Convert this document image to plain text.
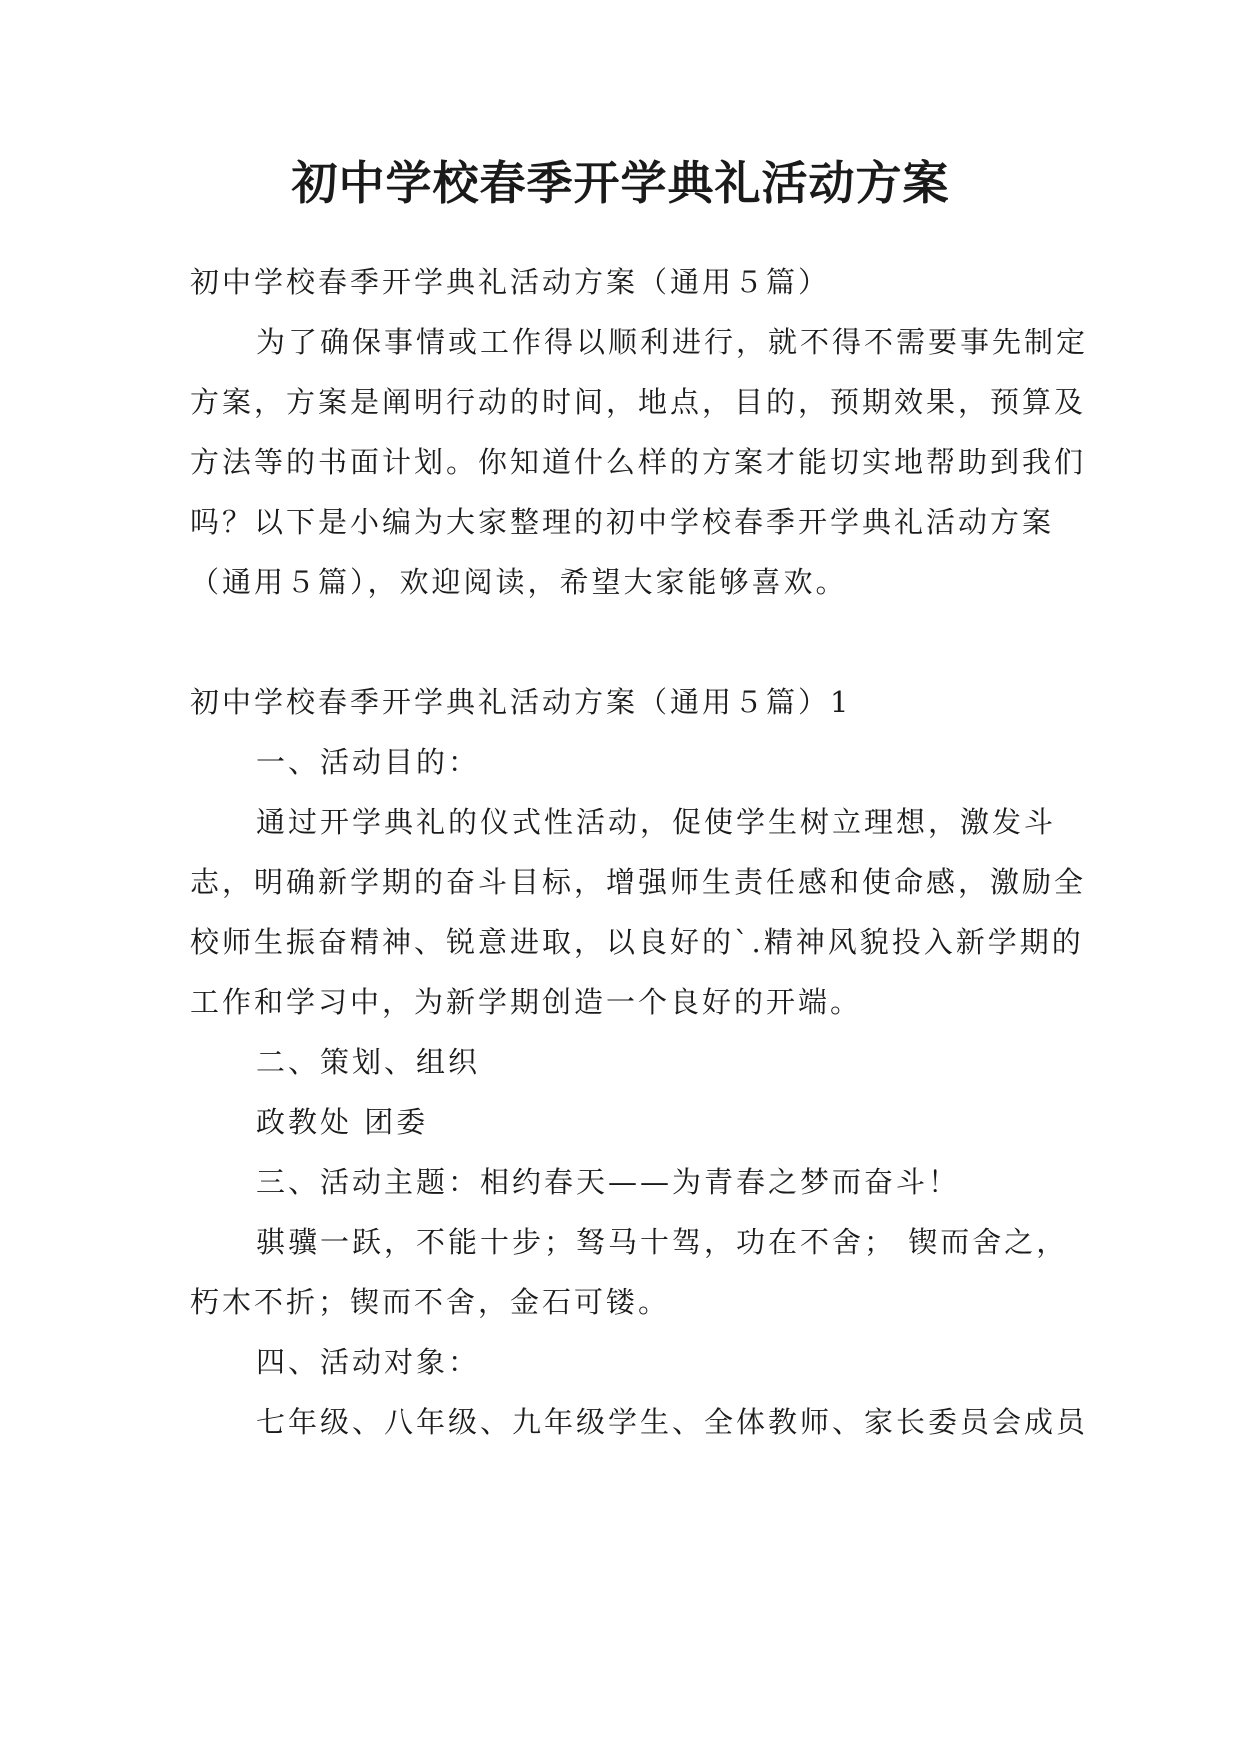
初中学校春季开学典礼活动方案

初中学校春季开学典礼活动方案（通用５篇）

为了确保事情或工作得以顺利进行，就不得不需要事先制定方案，方案是阐明行动的时间，地点，目的，预期效果，预算及方法等的书面计划。你知道什么样的方案才能切实地帮助到我们吗？以下是小编为大家整理的初中学校春季开学典礼活动方案（通用５篇），欢迎阅读，希望大家能够喜欢。

初中学校春季开学典礼活动方案（通用５篇）1

一、活动目的：

通过开学典礼的仪式性活动，促使学生树立理想，激发斗志，明确新学期的奋斗目标，增强师生责任感和使命感，激励全校师生振奋精神、锐意进取，以良好的`.精神风貌投入新学期的工作和学习中，为新学期创造一个良好的开端。

二、策划、组织

政教处 团委

三、活动主题：相约春天——为青春之梦而奋斗！

骐骥一跃，不能十步；驽马十驾，功在不舍； 锲而舍之，朽木不折；锲而不舍，金石可镂。

四、活动对象：

七年级、八年级、九年级学生、全体教师、家长委员会成员
